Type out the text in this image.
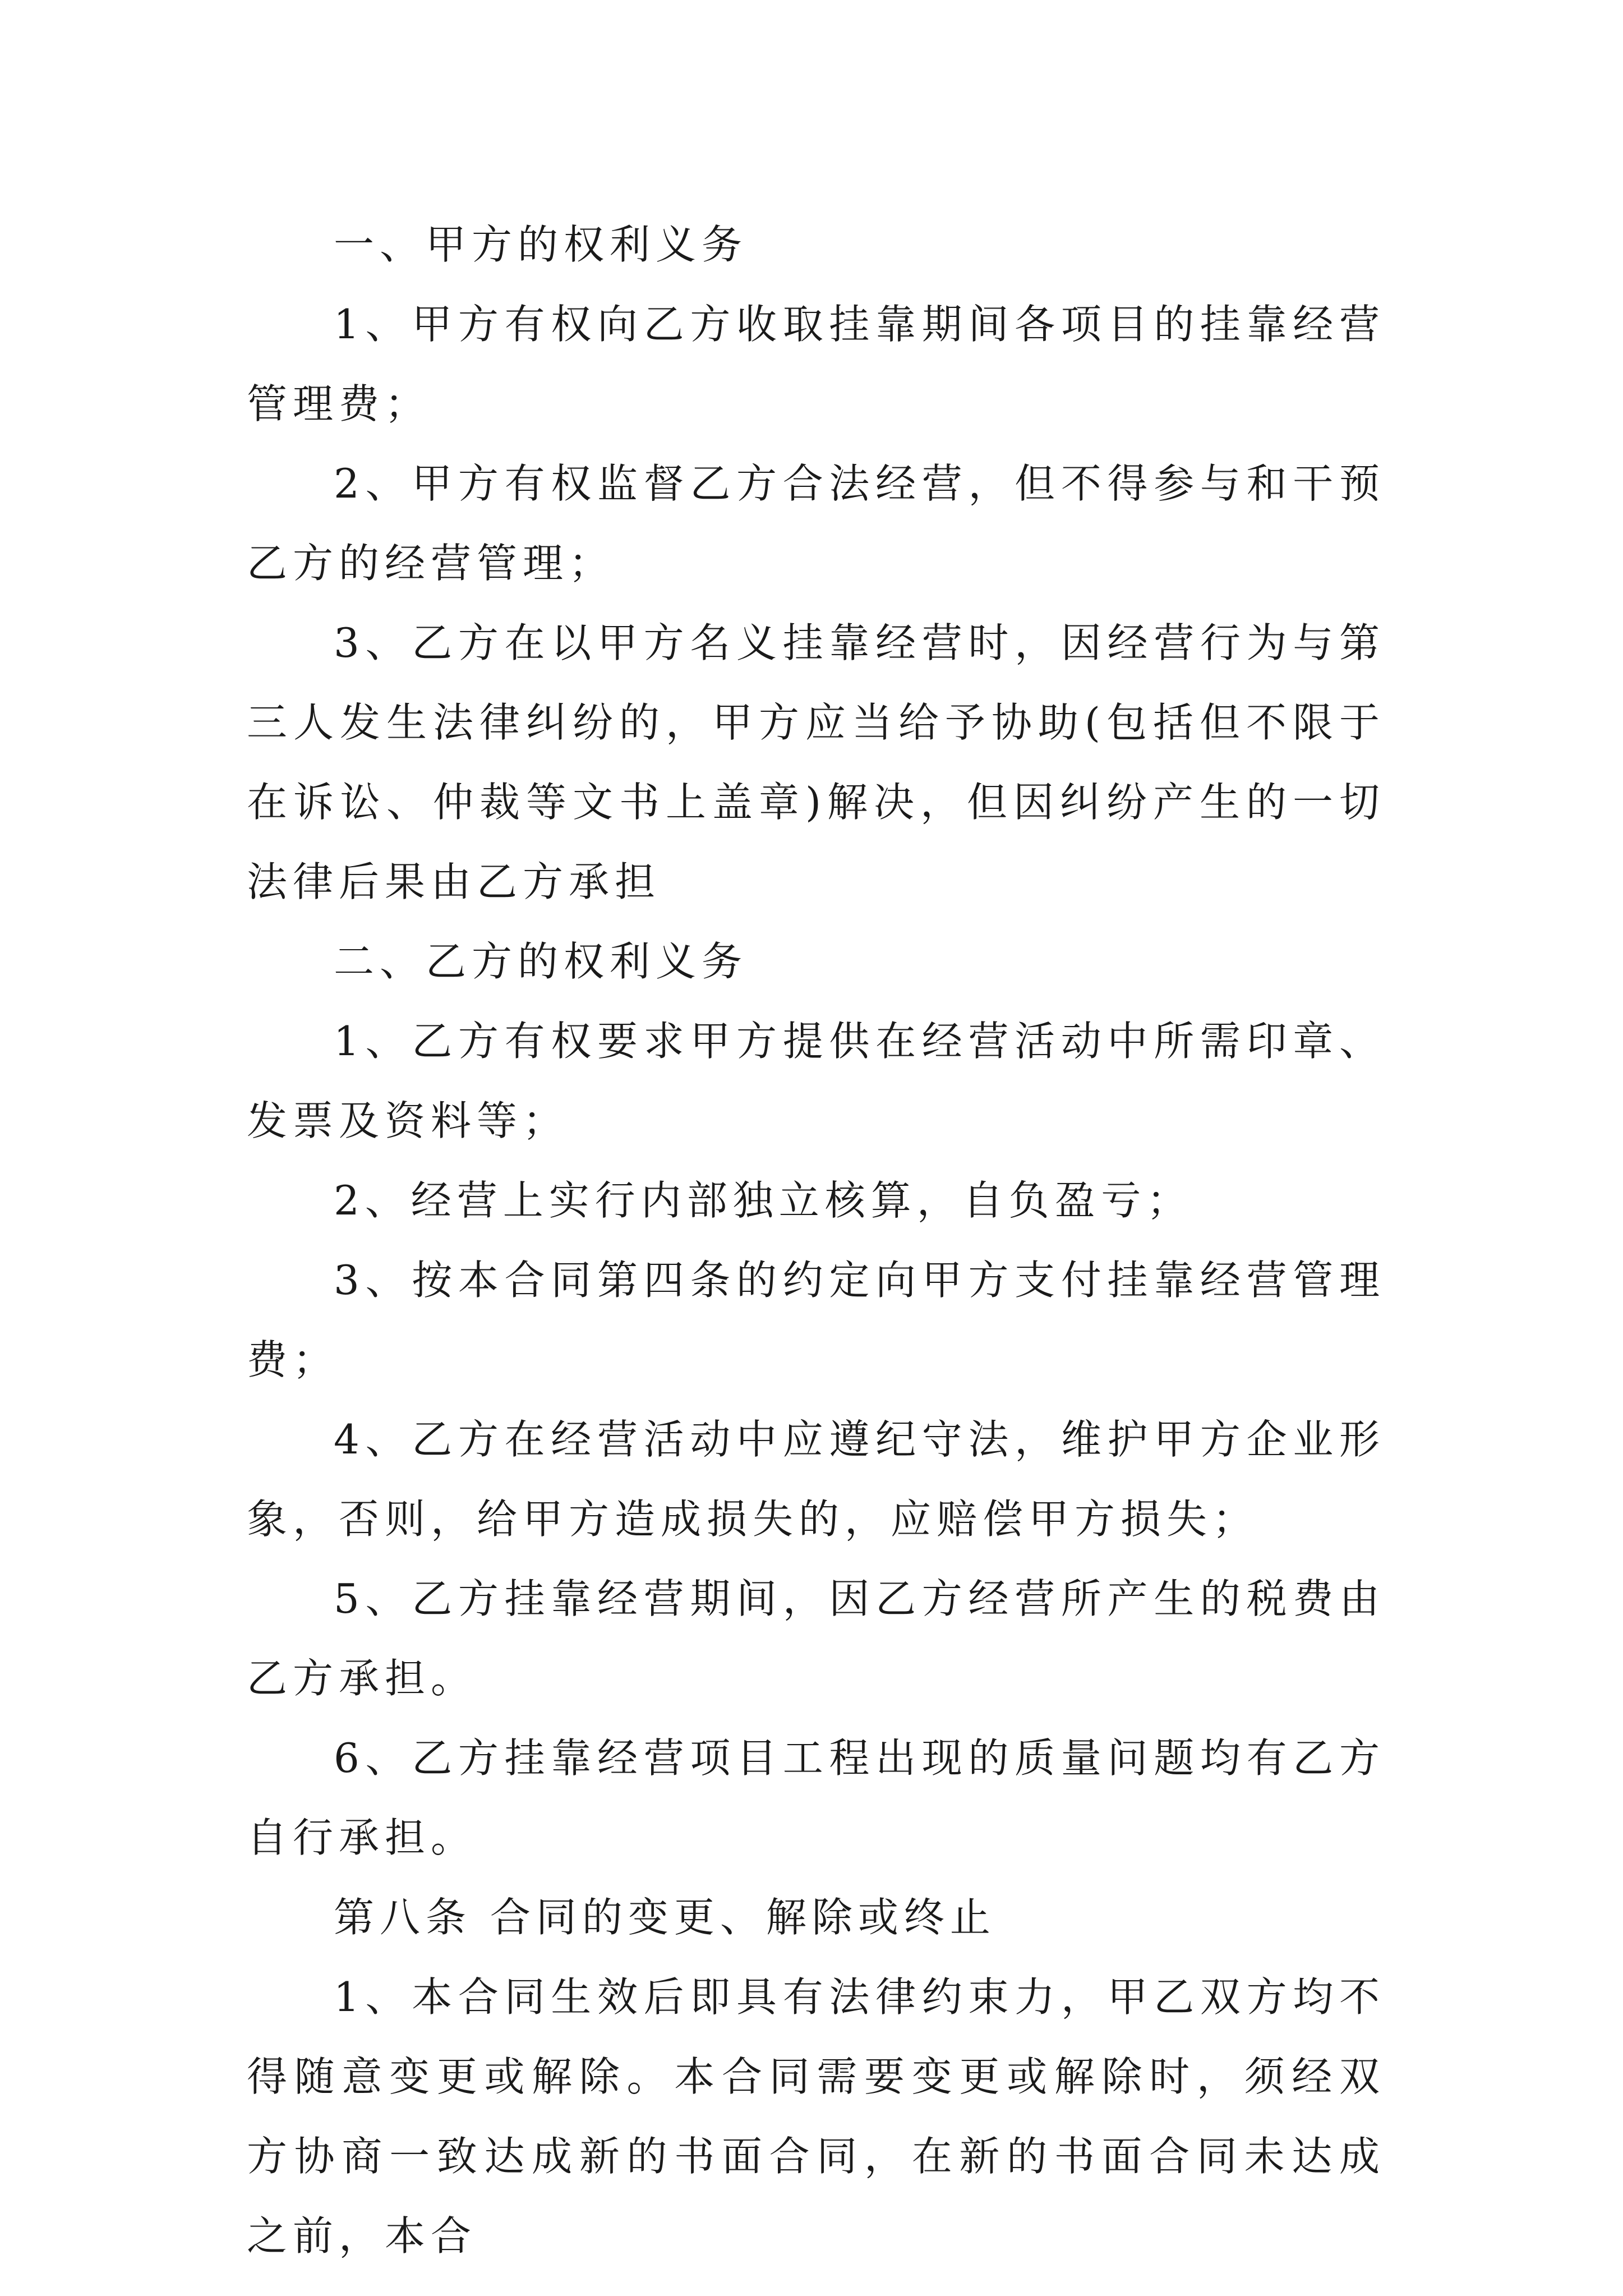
一、甲方的权利义务

1、甲方有权向乙方收取挂靠期间各项目的挂靠经营管理费；

2、甲方有权监督乙方合法经营，但不得参与和干预乙方的经营管理；

3、乙方在以甲方名义挂靠经营时，因经营行为与第三人发生法律纠纷的，甲方应当给予协助(包括但不限于在诉讼、仲裁等文书上盖章)解决，但因纠纷产生的一切法律后果由乙方承担

二、乙方的权利义务

1、乙方有权要求甲方提供在经营活动中所需印章、发票及资料等；

2、经营上实行内部独立核算，自负盈亏；

3、按本合同第四条的约定向甲方支付挂靠经营管理费；

4、乙方在经营活动中应遵纪守法，维护甲方企业形象，否则，给甲方造成损失的，应赔偿甲方损失；

5、乙方挂靠经营期间，因乙方经营所产生的税费由乙方承担。

6、乙方挂靠经营项目工程出现的质量问题均有乙方自行承担。

第八条 合同的变更、解除或终止

1、本合同生效后即具有法律约束力，甲乙双方均不得随意变更或解除。本合同需要变更或解除时，须经双方协商一致达成新的书面合同，在新的书面合同未达成之前，本合
